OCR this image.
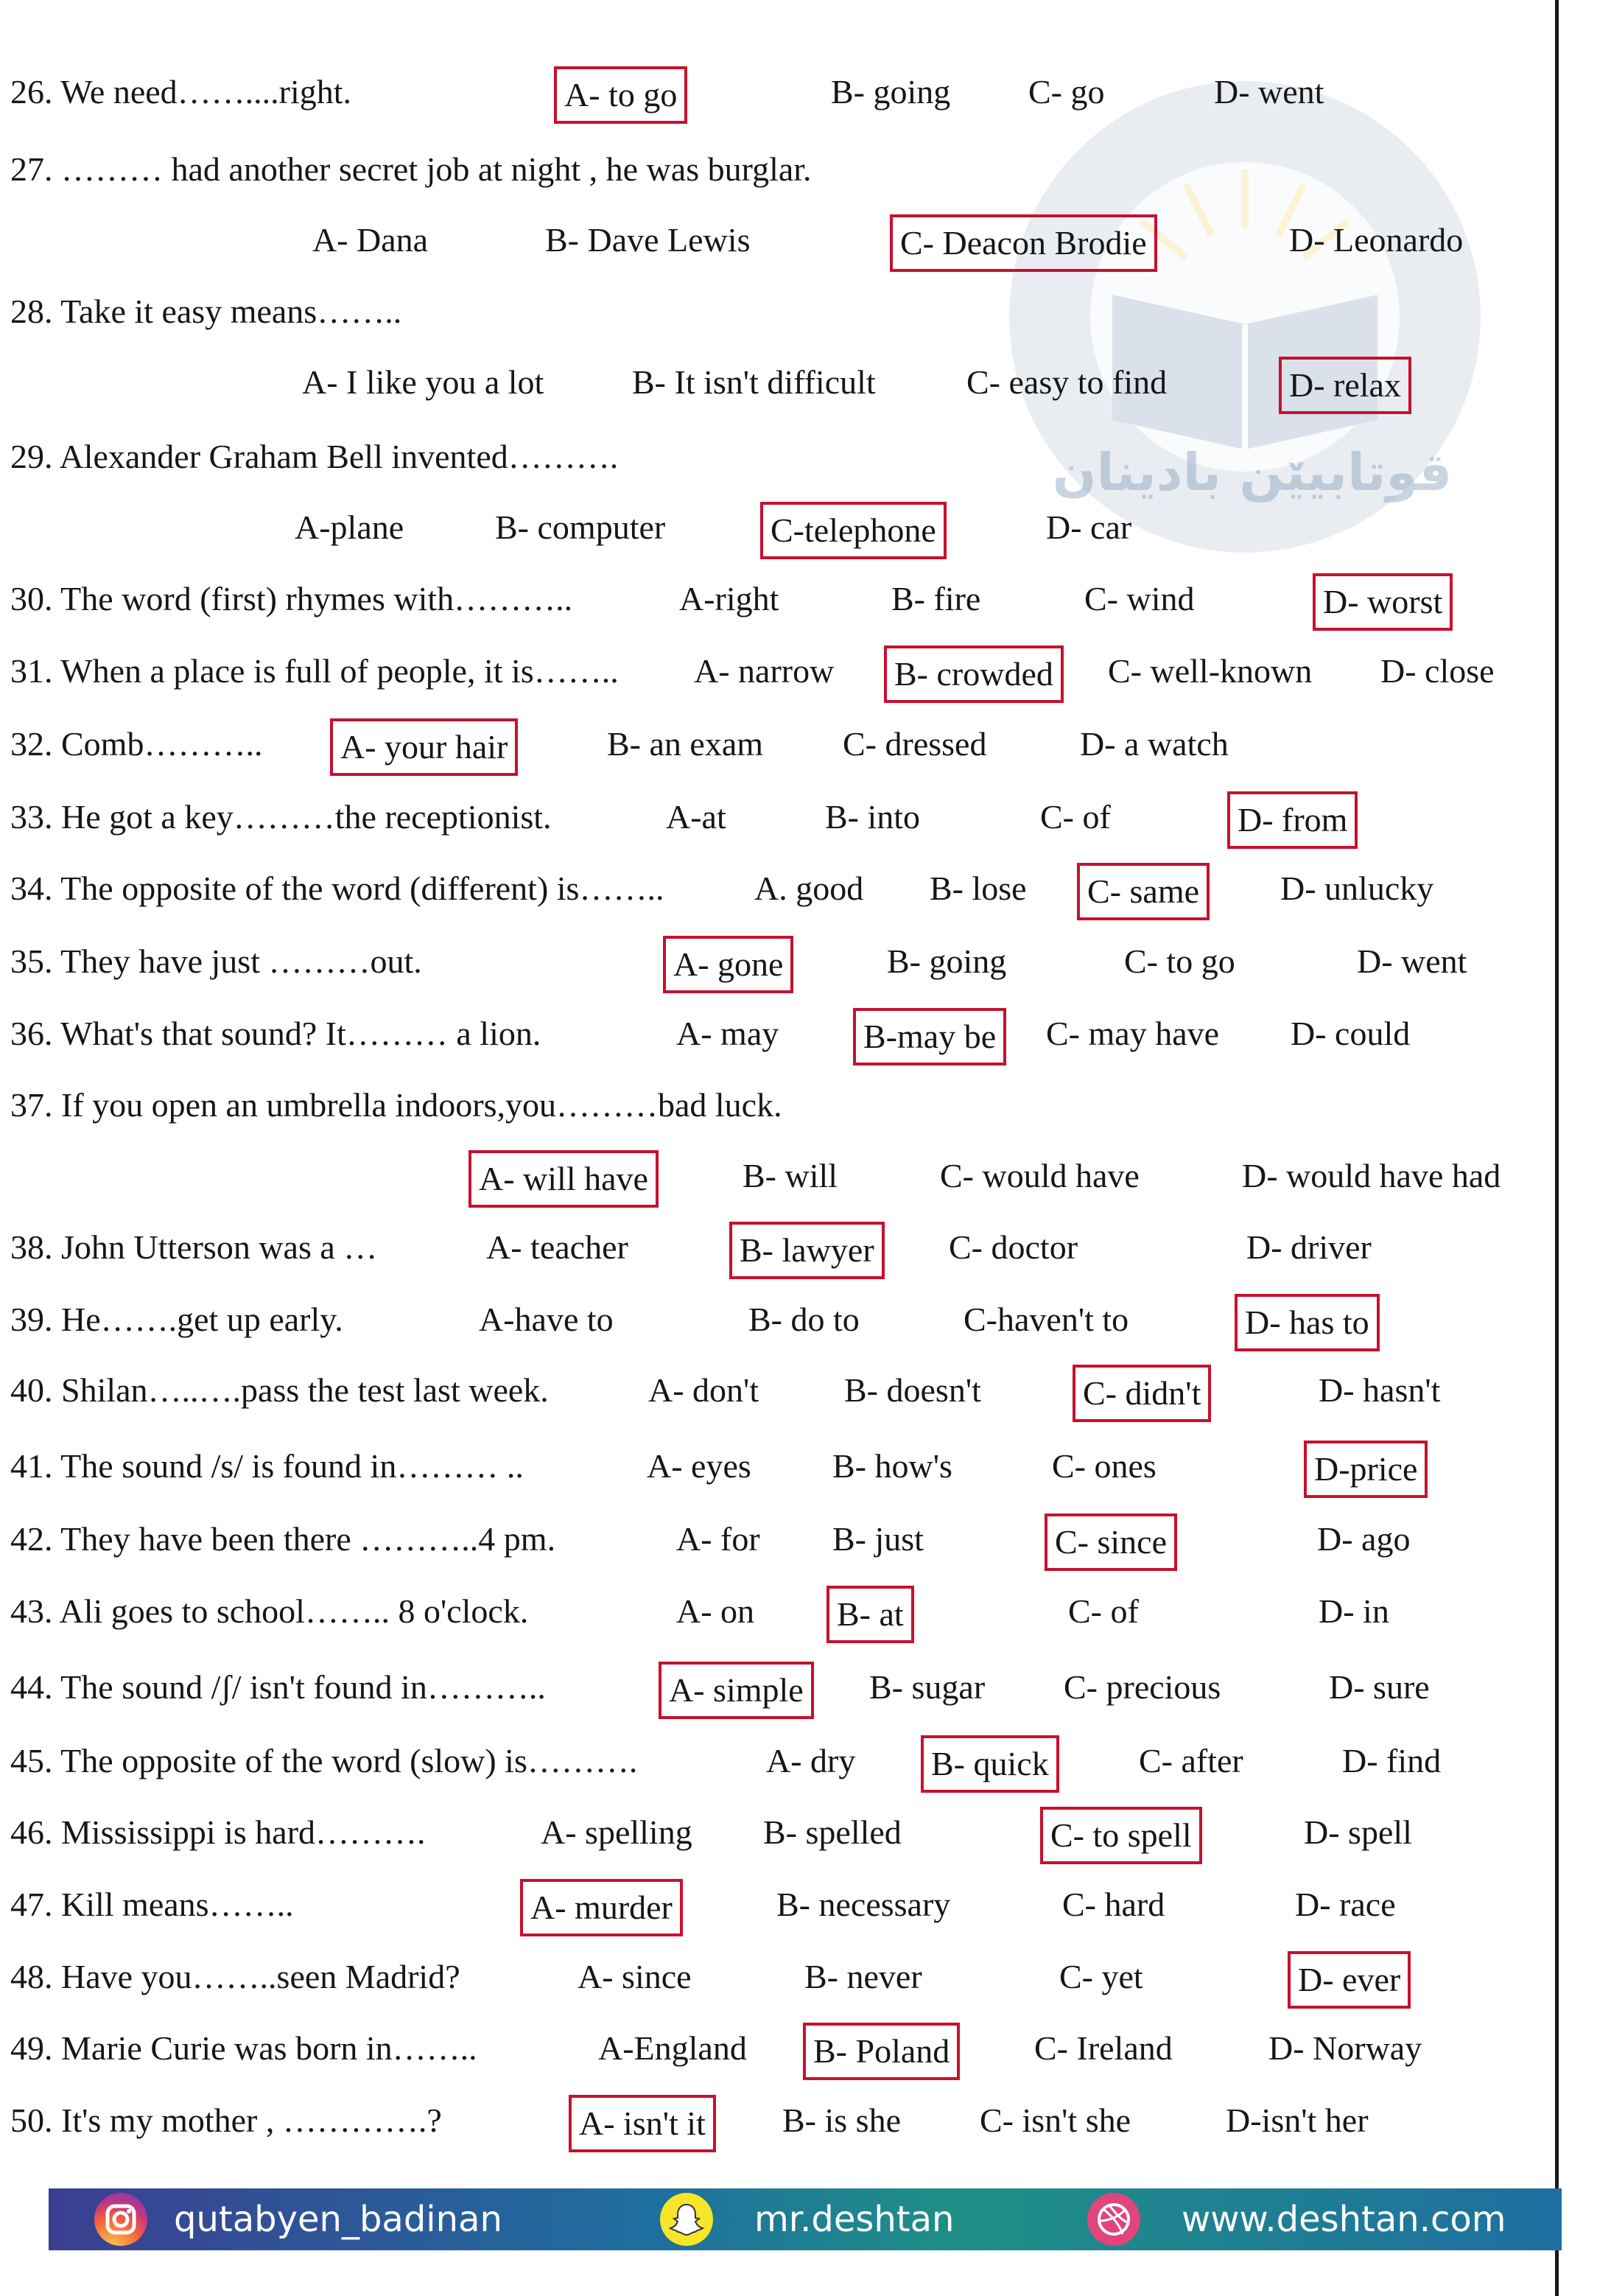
قوتابیێن بادینان
26. We need……....right.	A- to go	B- going C- go	D- went
27. ……… had another secret job at night , he was burglar.
A- Dana	B- Dave Lewis	C- Deacon Brodie	D- Leonardo
28. Take it easy means……..
A- I like you a lot	B- It isn't difficult	C- easy to find	D- relax
29. Alexander Graham Bell invented……….
A-plane	B- computer	C-telephone	D- car
30. The word (first) rhymes with………..	A-right	B- fire	C- wind	D- worst
31. When a place is full of people, it is…….. A- narrow	B- crowded	C- well-known D- close
32. Comb………..	A- your hair	B- an exam C- dressed	D- a watch
33. He got a key………the receptionist.	A-at	B- into	C- of	D- from
34. The opposite of the word (different) is……..	A. good B- lose	C- same	D- unlucky
35. They have just ………out.	A- gone	B- going	C- to go	D- went
36. What's that sound? It……… a lion.	A- may	B-may be	C- may have D- could
37. If you open an umbrella indoors,you………bad luck.
A- will have	B- will	C- would have	D- would have had
38. John Utterson was a …	A- teacher	B- lawyer	C- doctor	D- driver
39. He…….get up early.	A-have to	B- do to	C-haven't to	D- has to
40. Shilan…..….pass the test last week.	A- don't	B- doesn't	C- didn't	D- hasn't
41. The sound /s/ is found in……… ..	A- eyes B- how's	C- ones	D-price
42. They have been there ………..4 pm.	A- for B- just	C- since	D- ago
43. Ali goes to school…….. 8 o'clock.	A- on	B- at	C- of	D- in
44. The sound /ʃ/ isn't found in………..	A- simple	B- sugar C- precious	D- sure
45. The opposite of the word (slow) is……….	A- dry	B- quick	C- after	D- find
46. Mississippi is hard……….	A- spelling B- spelled	C- to spell	D- spell
47. Kill means……..	A- murder	B- necessary	C- hard	D- race
48. Have you……..seen Madrid?	A- since	B- never	C- yet	D- ever
49. Marie Curie was born in……..	A-England	B- Poland	C- Ireland	D- Norway
50. It's my mother , ………….?	A- isn't it	B- is she C- isn't she	D-isn't her
qutabyen_badinan	mr.deshtan	www.deshtan.com
